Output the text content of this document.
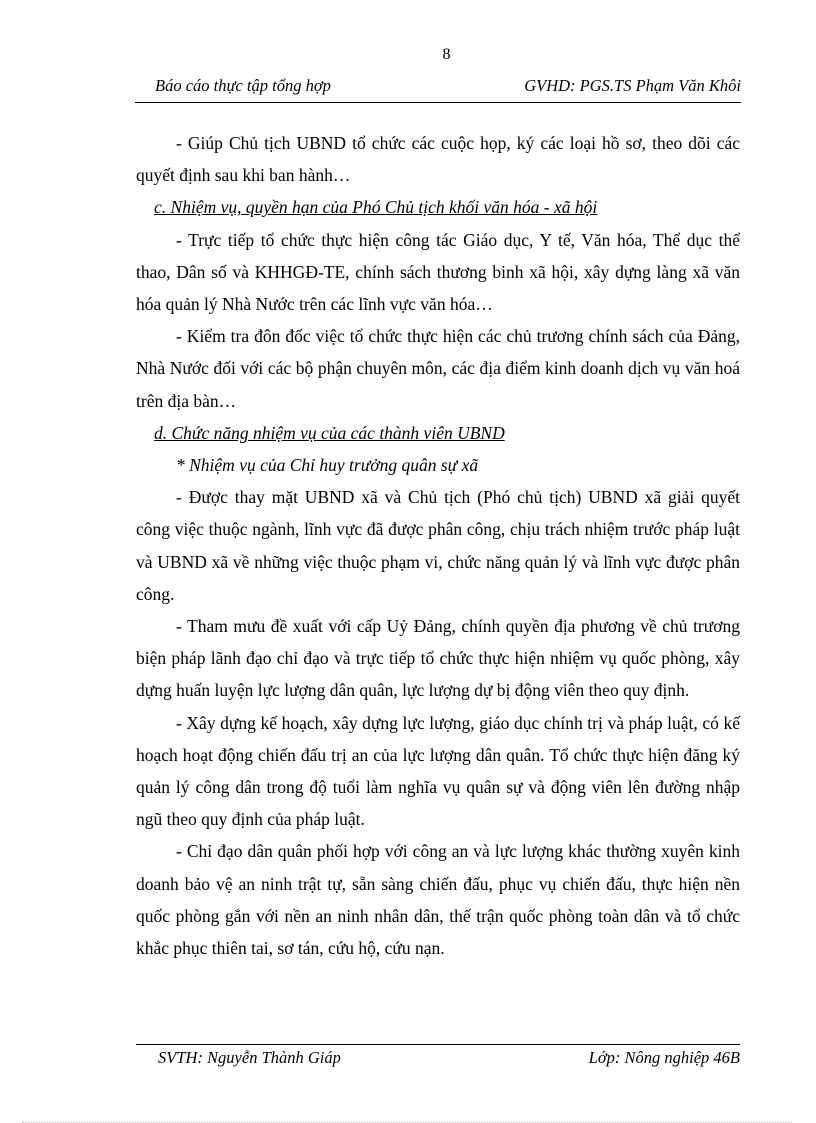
8
Báo cáo thực tập tổng hợp	GVHD: PGS.TS Phạm Văn Khôi

- Giúp Chủ tịch UBND tổ chức các cuộc họp, ký các loại hồ sơ, theo dõi các quyết định sau khi ban hành…

c. Nhiệm vụ, quyền hạn của Phó Chủ tịch khối văn hóa - xã hội

- Trực tiếp tổ chức thực hiện công tác Giáo dục, Y tế, Văn hóa, Thể dục thể thao, Dân số và KHHGĐ-TE, chính sách thương binh xã hội, xây dựng làng xã văn hóa quản lý Nhà Nước trên các lĩnh vực văn hóa…

- Kiểm tra đôn đốc việc tổ chức thực hiện các chủ trương chính sách của Đảng, Nhà Nước đối với các bộ phận chuyên môn, các địa điểm kinh doanh dịch vụ văn hoá trên địa bàn…

d. Chức năng nhiệm vụ của các thành viên UBND

* Nhiệm vụ của Chỉ huy trưởng quân sự xã

- Được thay mặt UBND xã và Chủ tịch (Phó chủ tịch) UBND xã giải quyết công việc thuộc ngành, lĩnh vực đã được phân công, chịu trách nhiệm trước pháp luật và UBND xã về những việc thuộc phạm vi, chức năng quản lý và lĩnh vực được phân công.

- Tham mưu đề xuất với cấp Uỷ Đảng, chính quyền địa phương về chủ trương biện pháp lãnh đạo chỉ đạo và trực tiếp tổ chức thực hiện nhiệm vụ quốc phòng, xây dựng huấn luyện lực lượng dân quân, lực lượng dự bị động viên theo quy định.

- Xây dựng kế hoạch, xây dựng lực lượng, giáo dục chính trị và pháp luật, có kế hoạch hoạt động chiến đấu trị an của lực lượng dân quân. Tổ chức thực hiện đăng ký quản lý công dân trong độ tuổi làm nghĩa vụ quân sự và động viên lên đường nhập ngũ theo quy định của pháp luật.

- Chỉ đạo dân quân phối hợp với công an và lực lượng khác thường xuyên kinh doanh bảo vệ an ninh trật tự, sẵn sàng chiến đấu, phục vụ chiến đấu, thực hiện nền quốc phòng gắn với nền an ninh nhân dân, thế trận quốc phòng toàn dân và tổ chức khắc phục thiên tai, sơ tán, cứu hộ, cứu nạn.

SVTH: Nguyễn Thành Giáp	Lớp: Nông nghiệp 46B
